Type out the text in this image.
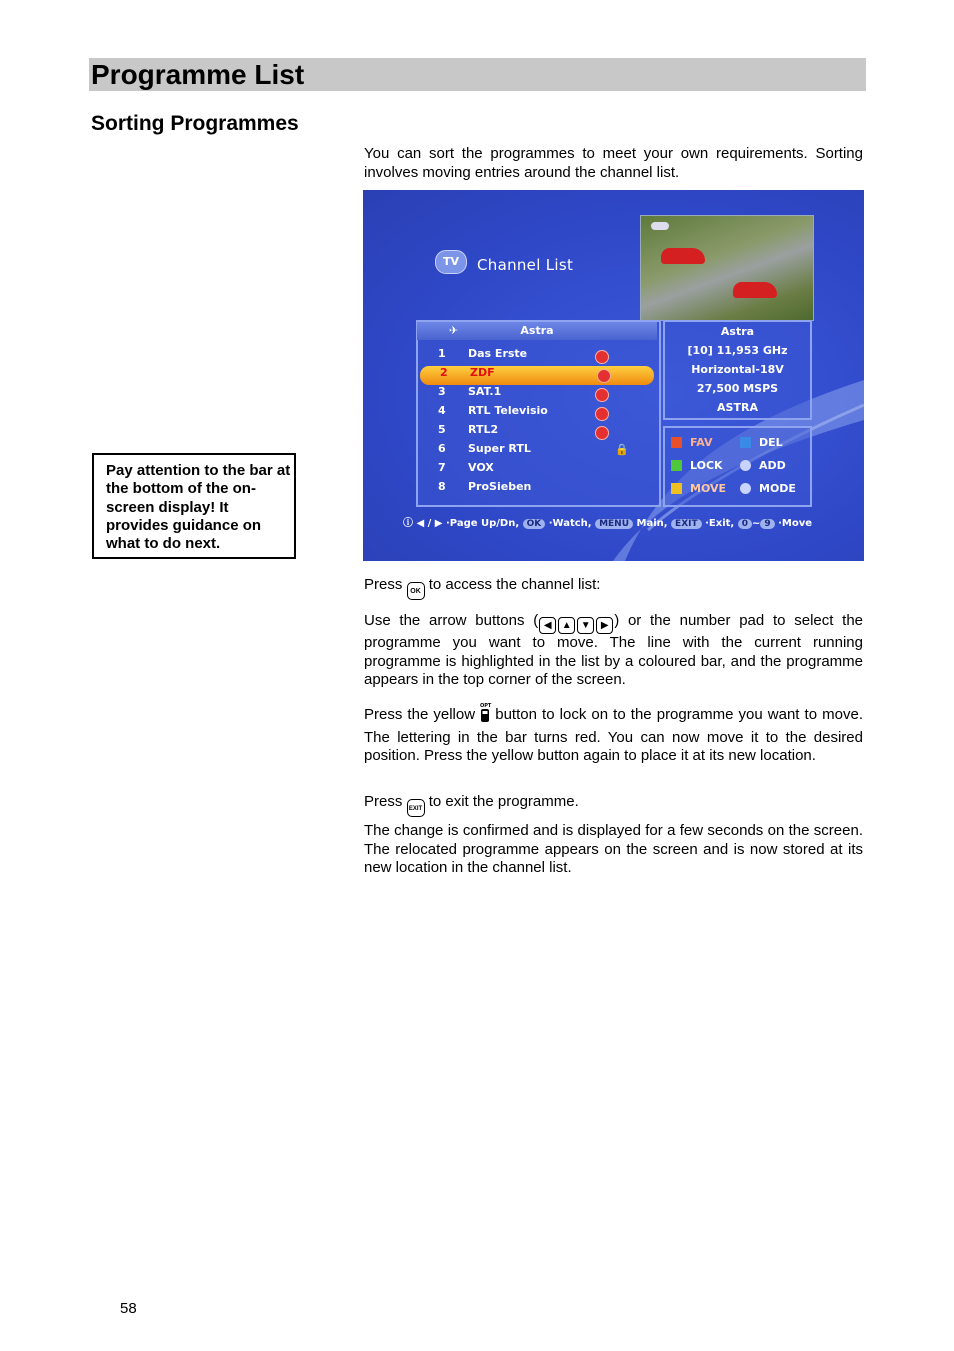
Programme List
Sorting Programmes
Pay attention to the bar at the bottom of the on-screen display! It provides guidance on what to do next.
You can sort the programmes to meet your own requirements. Sorting involves moving entries around the channel list.
TV	Channel List
✈	Astra
1 Das Erste
2 ZDF
3 SAT.1
4 RTL Televisio
5 RTL2
6 Super RTL	🔒
7 VOX
8 ProSieben
Astra
[10] 11,953 GHz
Horizontal-18V
27,500 MSPS
ASTRA
FAV	DEL
LOCK	ADD
MOVE	MODE
ⓘ ◀ / ▶ ·Page Up/Dn, OK ·Watch, MENU Main, EXIT ·Exit, 0 ~ 9 ·Move
Press OK to access the channel list:
Use the arrow buttons ( ◀ ▲ ▼ ▶ ) or the number pad to select the programme you want to move. The line with the current running programme is highlighted in the list by a coloured bar, and the programme appears in the top corner of the screen.
Press the yellow OPT button to lock on to the programme you want to move. The lettering in the bar turns red. You can now move it to the desired position. Press the yellow button again to place it at its new location.
Press EXIT to exit the programme.
The change is confirmed and is displayed for a few seconds on the screen. The relocated programme appears on the screen and is now stored at its new location in the channel list.
58
